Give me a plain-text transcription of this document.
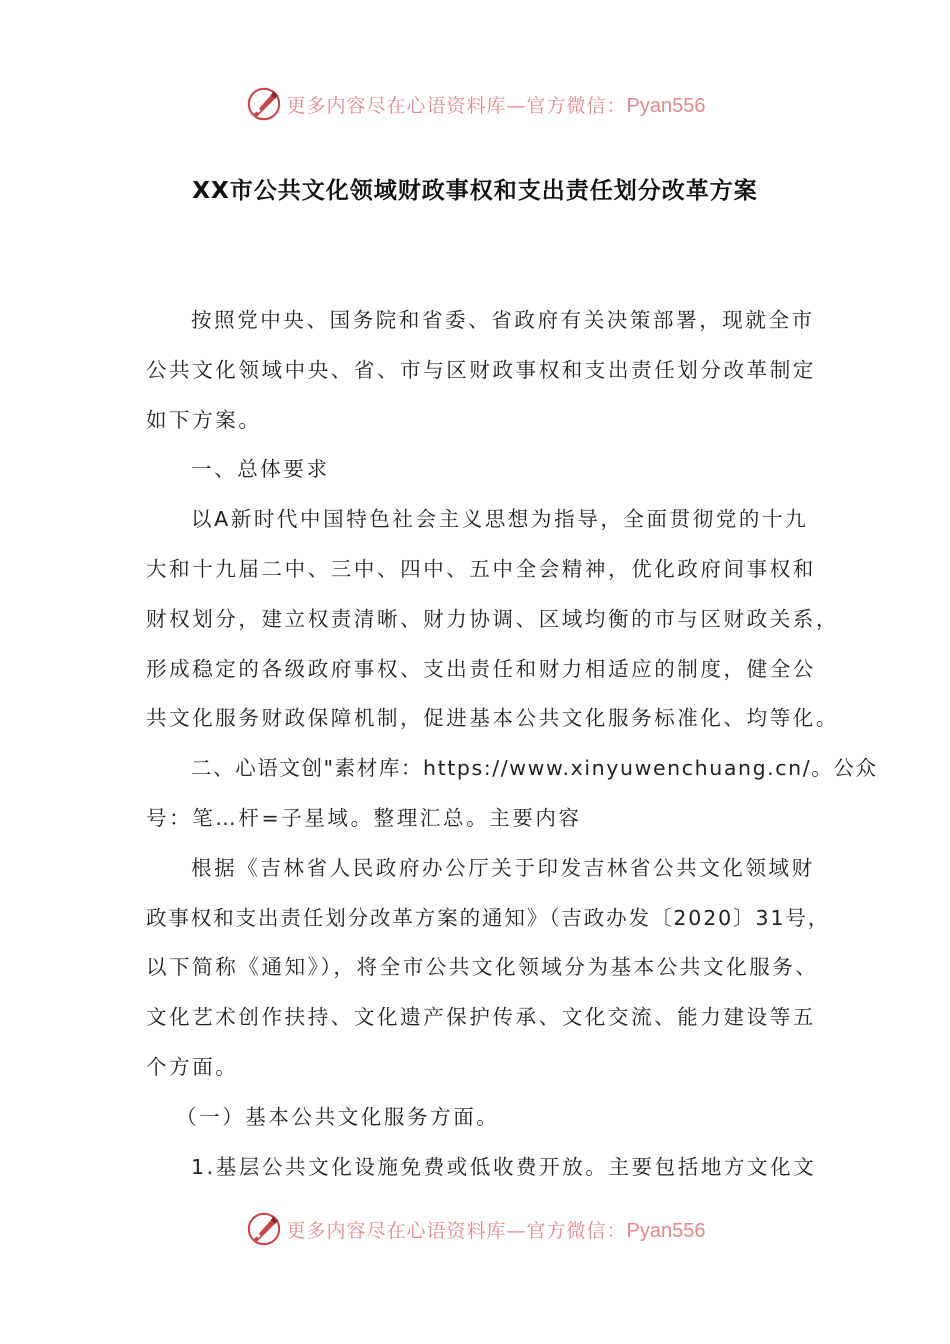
更多内容尽在心语资料库—官方微信：Pyan556
XX市公共文化领域财政事权和支出责任划分改革方案
按照党中央、国务院和省委、省政府有关决策部署，现就全市
公共文化领域中央、省、市与区财政事权和支出责任划分改革制定
如下方案。
一、总体要求
以A新时代中国特色社会主义思想为指导，全面贯彻党的十九
大和十九届二中、三中、四中、五中全会精神，优化政府间事权和
财权划分，建立权责清晰、财力协调、区域均衡的市与区财政关系，
形成稳定的各级政府事权、支出责任和财力相适应的制度，健全公
共文化服务财政保障机制，促进基本公共文化服务标准化、均等化。
二、心语文创"素材库：https://www.xinyuwenchuang.cn/。公众
号：笔…杆=子星域。整理汇总。主要内容
根据《吉林省人民政府办公厅关于印发吉林省公共文化领域财
政事权和支出责任划分改革方案的通知》（吉政办发〔2020〕31号，
以下简称《通知》），将全市公共文化领域分为基本公共文化服务、
文化艺术创作扶持、文化遗产保护传承、文化交流、能力建设等五
个方面。
（一）基本公共文化服务方面。
1.基层公共文化设施免费或低收费开放。主要包括地方文化文
更多内容尽在心语资料库—官方微信：Pyan556
